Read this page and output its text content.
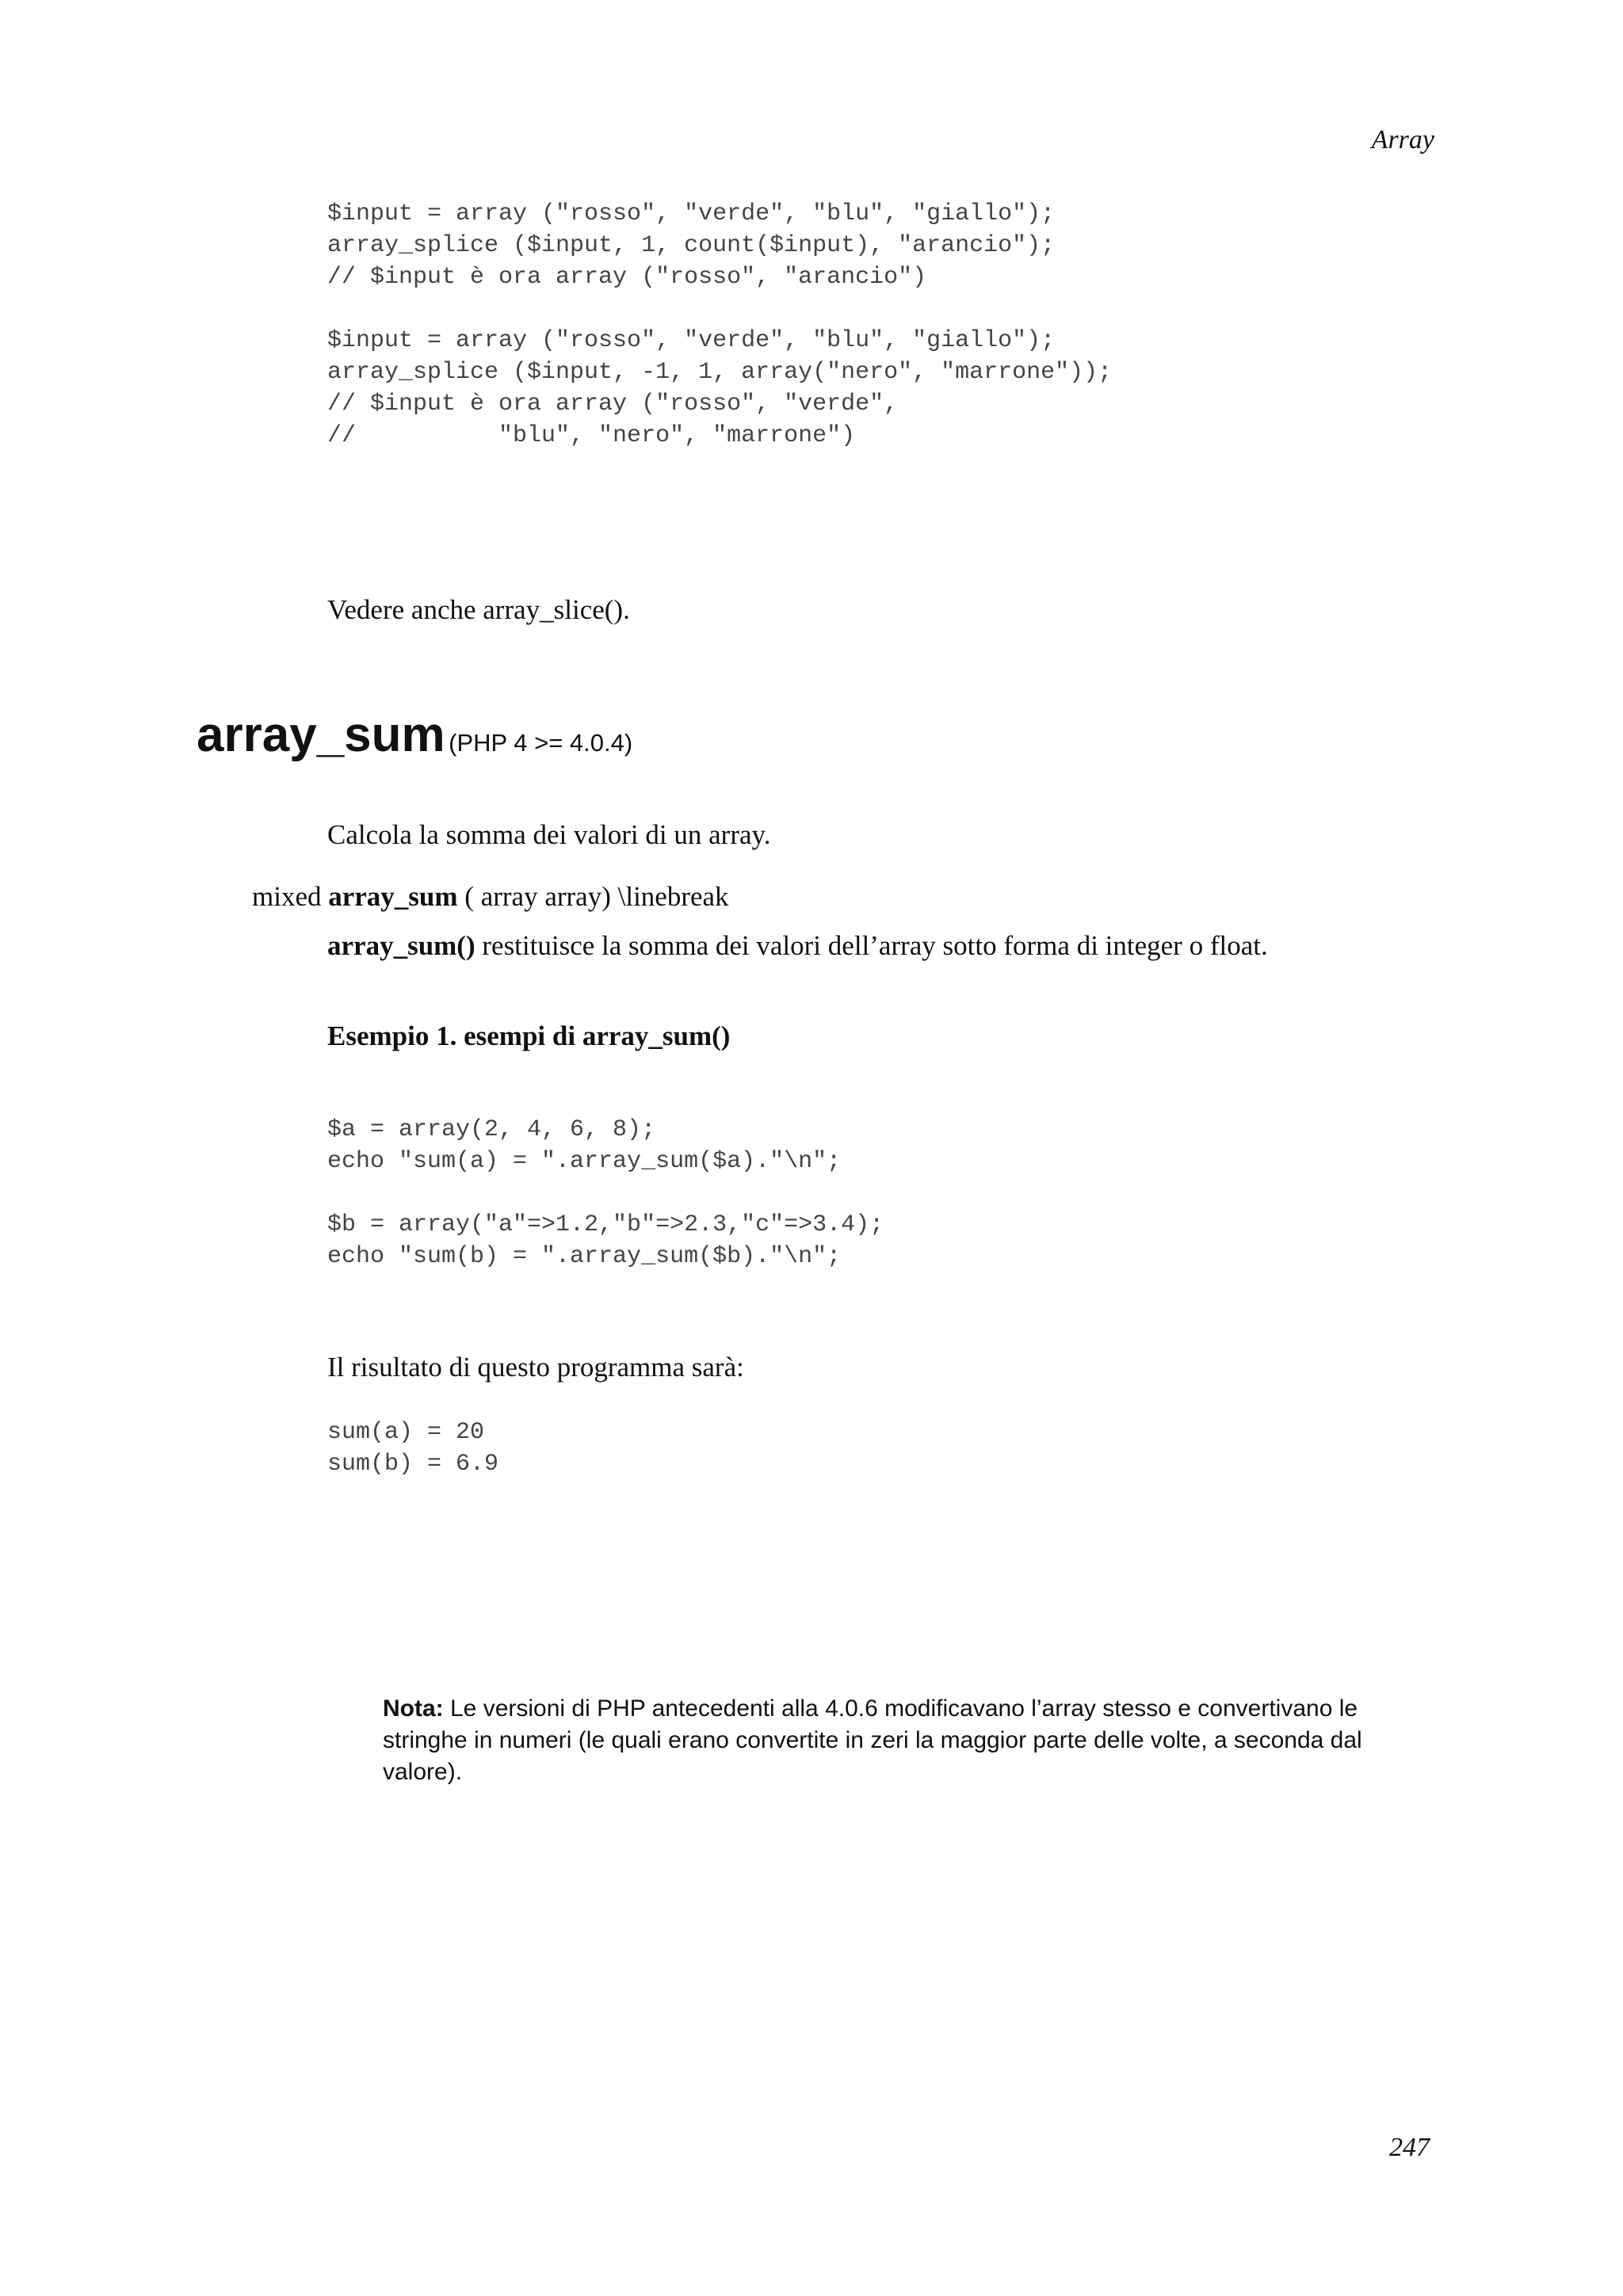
Array
$input = array ("rosso", "verde", "blu", "giallo");
array_splice ($input, 1, count($input), "arancio");
// $input è ora array ("rosso", "arancio")

$input = array ("rosso", "verde", "blu", "giallo");
array_splice ($input, -1, 1, array("nero", "marrone"));
// $input è ora array ("rosso", "verde",
//          "blu", "nero", "marrone")

Vedere anche array_slice().

array_sum (PHP 4 >= 4.0.4)

Calcola la somma dei valori di un array.

mixed array_sum ( array array) \linebreak

array_sum() restituisce la somma dei valori dell’array sotto forma di integer o float.

Esempio 1. esempi di array_sum()

$a = array(2, 4, 6, 8);
echo "sum(a) = ".array_sum($a)."\n";

$b = array("a"=>1.2,"b"=>2.3,"c"=>3.4);
echo "sum(b) = ".array_sum($b)."\n";

Il risultato di questo programma sarà:

sum(a) = 20
sum(b) = 6.9

Nota: Le versioni di PHP antecedenti alla 4.0.6 modificavano l’array stesso e convertivano le stringhe in numeri (le quali erano convertite in zeri la maggior parte delle volte, a seconda dal valore).

247
